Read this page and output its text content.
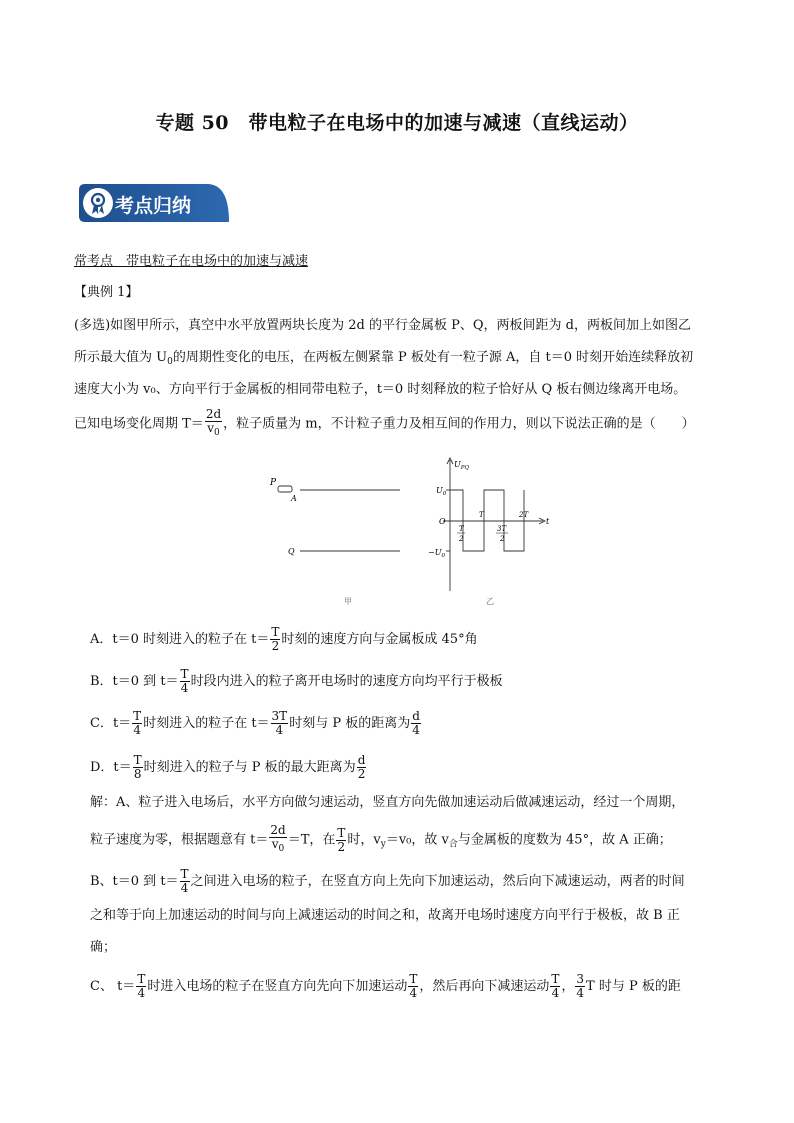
专题 50　带电粒子在电场中的加速与减速（直线运动）
考点归纳
常考点　带电粒子在电场中的加速与减速
【典例 1】
(多选)如图甲所示，真空中水平放置两块长度为 2d 的平行金属板 P、Q，两板间距为 d，两板间加上如图乙
所示最大值为 $U_0$的周期性变化的电压，在两板左侧紧靠 P 板处有一粒子源 A，自 t＝0 时刻开始连续释放初
速度大小为 v₀、方向平行于金属板的相同带电粒子，t＝0 时刻释放的粒子恰好从 Q 板右侧边缘离开电场。
已知电场变化周期 $T= \frac{2d}{v_0}$ ，粒子质量为 m，不计粒子重力及相互间的作用力，则以下说法正确的是（　　）
P
A
Q
甲
$U_{PQ}$
$U_0$
$-U_0$
O	t
T
2
T
3T
2
2T
乙
A．t＝0 时刻进入的粒子在 $t= \frac{T}{2}$ 时刻的速度方向与金属板成 45°角
B．t＝0 到 $t= \frac{T}{4}$ 时段内进入的粒子离开电场时的速度方向均平行于极板
C．$t= \frac{T}{4}$ 时刻进入的粒子在 $t= \frac{3T}{4}$ 时刻与 P 板的距离为 $\frac{d}{4}$
D．$t= \frac{T}{8}$ 时刻进入的粒子与 P 板的最大距离为 $\frac{d}{2}$
解：A、粒子进入电场后，水平方向做匀速运动，竖直方向先做加速运动后做减速运动，经过一个周期，
粒子速度为零，根据题意有 $t= \frac{2d}{v_0} =T$，在 $\frac{T}{2}$ 时，$v_y=v_0$，故 $v_合$与金属板的度数为 45°，故 A 正确；
B、t＝0 到 $t= \frac{T}{4}$ 之间进入电场的粒子，在竖直方向上先向下加速运动，然后向下减速运动，两者的时间
之和等于向上加速运动的时间与向上减速运动的时间之和，故离开电场时速度方向平行于极板，故 B 正
确；
C、 $t= \frac{T}{4}$ 时进入电场的粒子在竖直方向先向下加速运动 $\frac{T}{4}$ ，然后再向下减速运动 $\frac{T}{4}$ ， $\frac{3}{4}$ T 时与 P 板的距
